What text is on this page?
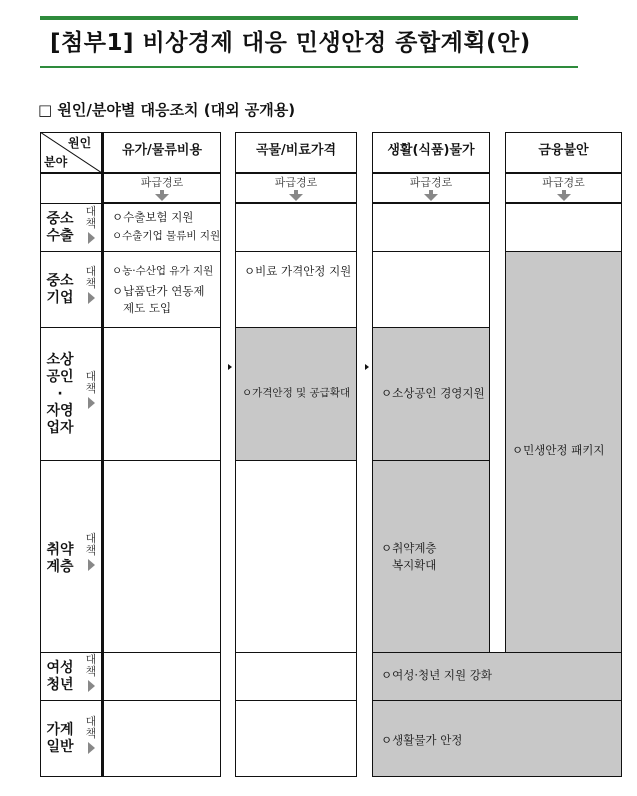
[첨부1] 비상경제 대응 민생안정 종합계획(안)
□ 원인/분야별 대응조치 (대외 공개용)
원인
분야
유가/물류비용
파급경로
곡물/비료가격
파급경로
생활(식품)물가
파급경로
금융불안
파급경로
중소
수출
대
책
중소
기업
대
책
소상
공인
·
자영
업자
대
책
취약
계층
대
책
여성
청년
대
책
가계
일반
대
책
ㅇ수출보험 지원
ㅇ수출기업 물류비 지원
ㅇ농·수산업 유가 지원
ㅇ납품단가 연동제
제도 도입
ㅇ비료 가격안정 지원
ㅇ가격안정 및 공급확대	ㅇ소상공인 경영지원
ㅇ취약계층
복지확대
ㅇ민생안정 패키지
ㅇ여성·청년 지원 강화
ㅇ생활물가 안정
